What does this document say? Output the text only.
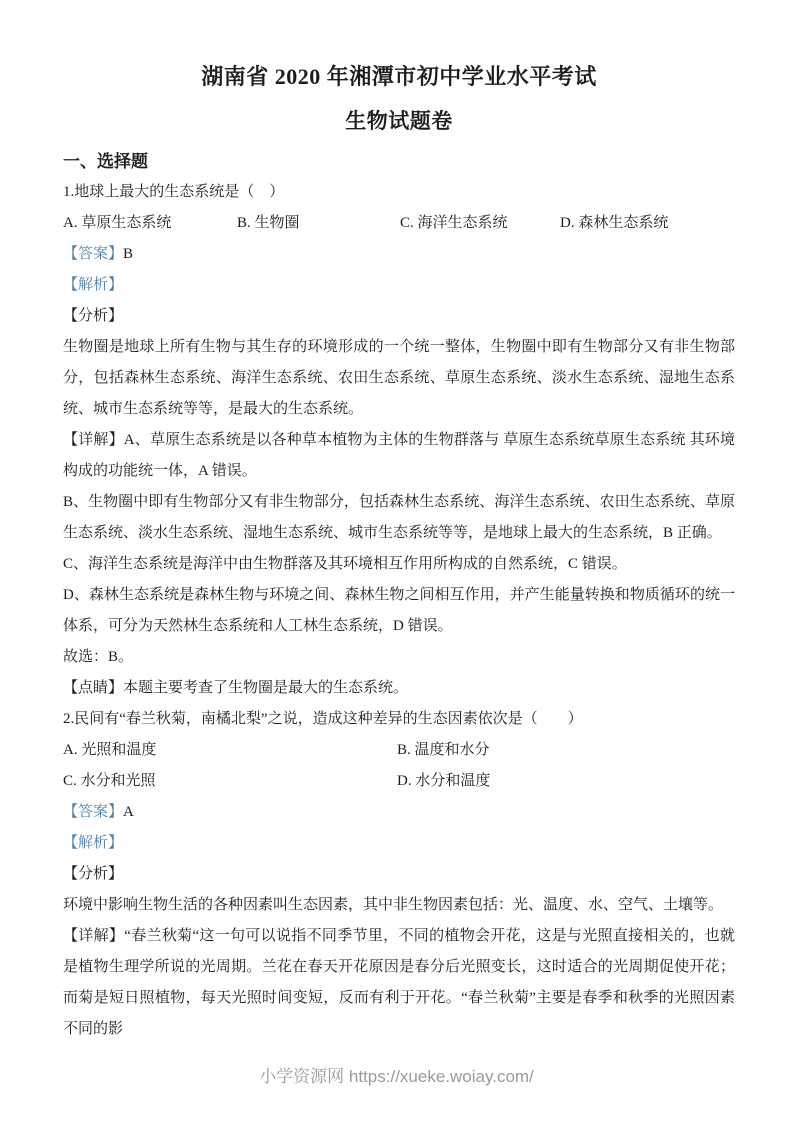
湖南省 2020 年湘潭市初中学业水平考试
生物试题卷
一、选择题

1.地球上最大的生态系统是（　）

A. 草原生态系统	B. 生物圈	C. 海洋生态系统	D. 森林生态系统

【答案】B

【解析】

【分析】

生物圈是地球上所有生物与其生存的环境形成的一个统一整体，生物圈中即有生物部分又有非生物部分，包括森林生态系统、海洋生态系统、农田生态系统、草原生态系统、淡水生态系统、湿地生态系统、城市生态系统等等，是最大的生态系统。

【详解】A、草原生态系统是以各种草本植物为主体的生物群落与 草原生态系统草原生态系统 其环境构成的功能统一体，A 错误。

B、生物圈中即有生物部分又有非生物部分，包括森林生态系统、海洋生态系统、农田生态系统、草原生态系统、淡水生态系统、湿地生态系统、城市生态系统等等，是地球上最大的生态系统，B 正确。

C、海洋生态系统是海洋中由生物群落及其环境相互作用所构成的自然系统，C 错误。

D、森林生态系统是森林生物与环境之间、森林生物之间相互作用，并产生能量转换和物质循环的统一体系，可分为天然林生态系统和人工林生态系统，D 错误。

故选：B。

【点睛】本题主要考查了生物圈是最大的生态系统。

2.民间有“春兰秋菊，南橘北梨”之说，造成这种差异的生态因素依次是（　　）

A. 光照和温度	B. 温度和水分
C. 水分和光照	D. 水分和温度

【答案】A

【解析】

【分析】

环境中影响生物生活的各种因素叫生态因素，其中非生物因素包括：光、温度、水、空气、土壤等。

【详解】“春兰秋菊“这一句可以说指不同季节里，不同的植物会开花，这是与光照直接相关的，也就是植物生理学所说的光周期。兰花在春天开花原因是春分后光照变长，这时适合的光周期促使开花；而菊是短日照植物，每天光照时间变短，反而有利于开花。“春兰秋菊”主要是春季和秋季的光照因素不同的影

小学资源网 https://xueke.woiay.com/
